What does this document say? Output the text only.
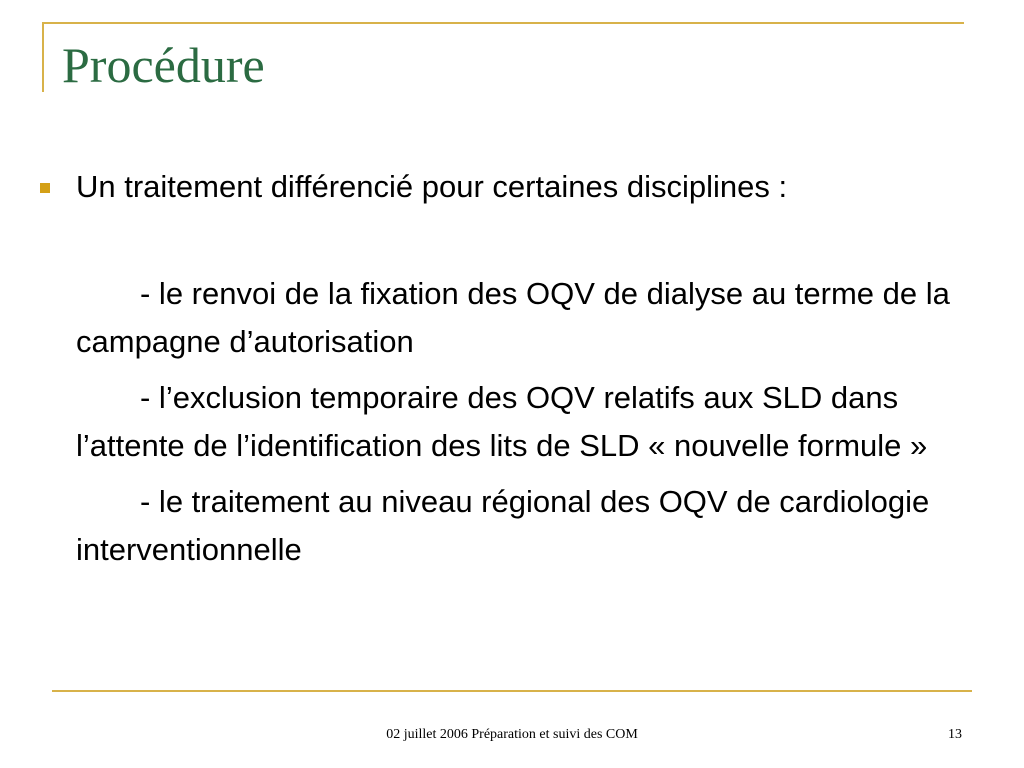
Procédure

Un traitement différencié pour certaines disciplines :

- le renvoi de la fixation des OQV de dialyse au terme de la campagne d’autorisation

- l’exclusion temporaire des OQV relatifs aux SLD dans l’attente de l’identification des lits de SLD « nouvelle formule »

- le traitement au niveau régional des OQV de cardiologie interventionnelle

02 juillet 2006 Préparation et suivi des COM	13
